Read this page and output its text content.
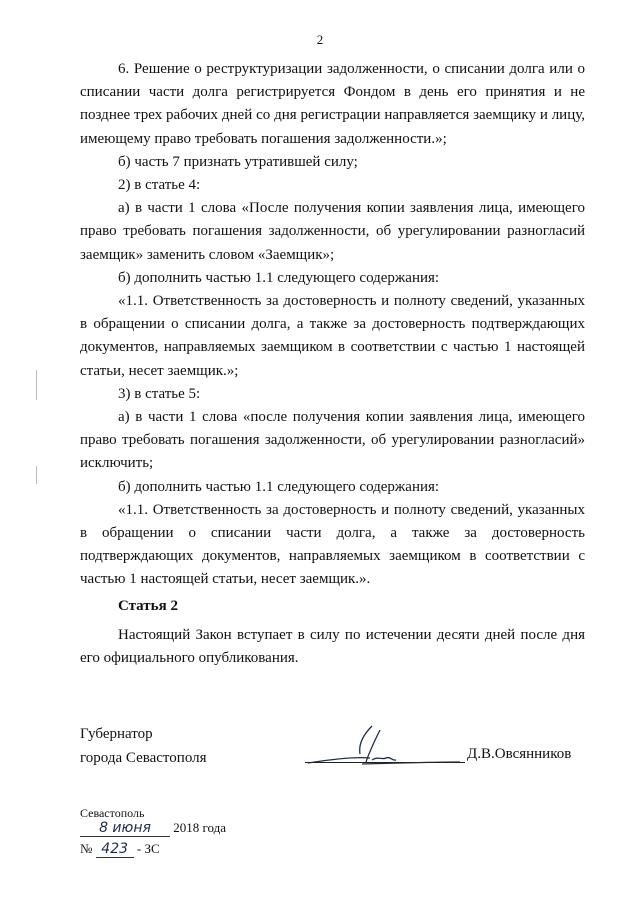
2

6. Решение о реструктуризации задолженности, о списании долга или о списании части долга регистрируется Фондом в день его принятия и не позднее трех рабочих дней со дня регистрации направляется заемщику и лицу, имеющему право требовать погашения задолженности.»;

б) часть 7 признать утратившей силу;

2) в статье 4:

а) в части 1 слова «После получения копии заявления лица, имеющего право требовать погашения задолженности, об урегулировании разногласий заемщик» заменить словом «Заемщик»;

б) дополнить частью 1.1 следующего содержания:

«1.1. Ответственность за достоверность и полноту сведений, указанных в обращении о списании долга, а также за достоверность подтверждающих документов, направляемых заемщиком в соответствии с частью 1 настоящей статьи, несет заемщик.»;

3) в статье 5:

а) в части 1 слова «после получения копии заявления лица, имеющего право требовать погашения задолженности, об урегулировании разногласий» исключить;

б) дополнить частью 1.1 следующего содержания:

«1.1. Ответственность за достоверность и полноту сведений, указанных в обращении о списании части долга, а также за достоверность подтверждающих документов, направляемых заемщиком в соответствии с частью 1 настоящей статьи, несет заемщик.».

Статья 2

Настоящий Закон вступает в силу по истечении десяти дней после дня его официального опубликования.

Губернатор
города Севастополя	Д.В.Овсянников
Севастополь
8 июня 2018 года
№ 423 - ЗС
